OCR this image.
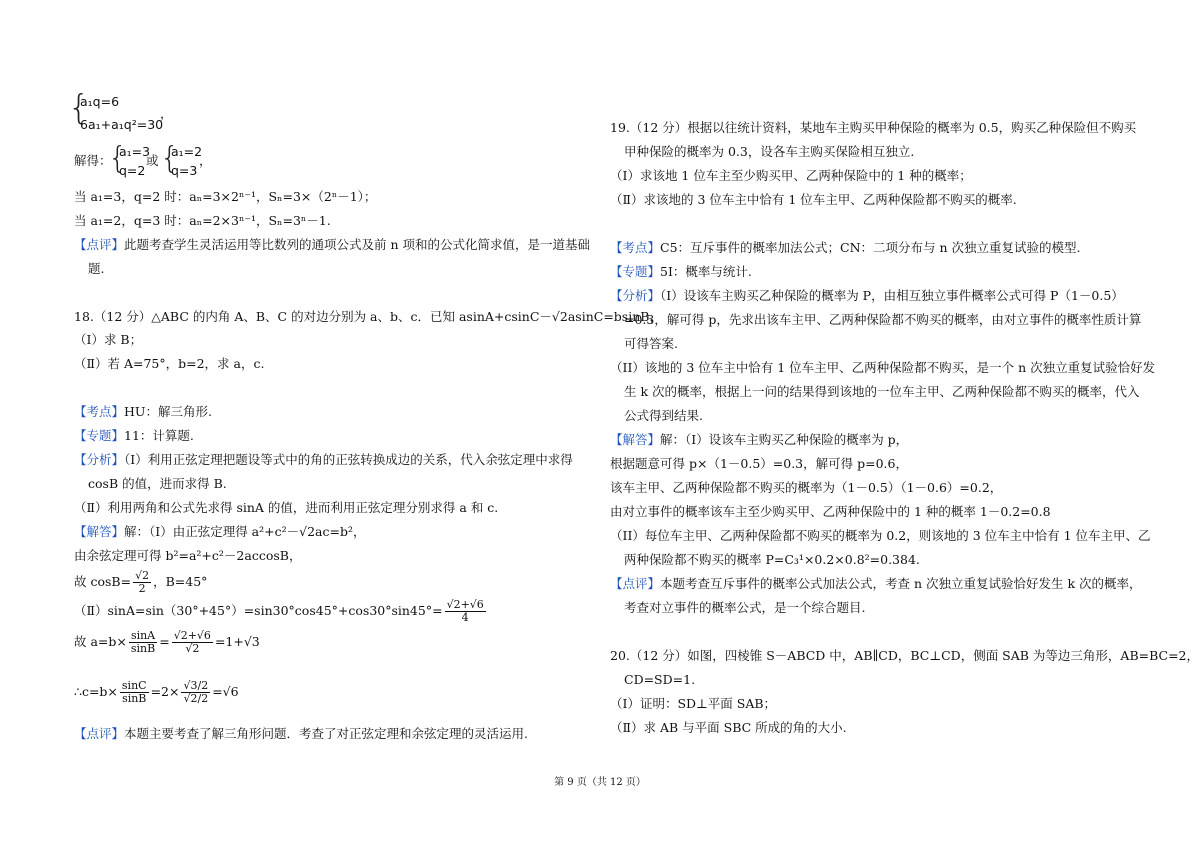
{
a₁q=6
6a₁+a₁q²=30
，
解得：
{
a₁=3
q=2
或 {
a₁=2
q=3
，
当 a₁=3，q=2 时：aₙ=3×2ⁿ⁻¹，Sₙ=3×（2ⁿ－1）；
当 a₁=2，q=3 时：aₙ=2×3ⁿ⁻¹，Sₙ=3ⁿ－1.
【点评】此题考查学生灵活运用等比数列的通项公式及前 n 项和的公式化简求值，是一道基础
题.
18.（12 分）△ABC 的内角 A、B、C 的对边分别为 a、b、c．已知 asinA+csinC－√2asinC=bsinB，
（Ⅰ）求 B；
（Ⅱ）若 A=75°，b=2，求 a，c.
【考点】HU：解三角形.
【专题】11：计算题.
【分析】（Ⅰ）利用正弦定理把题设等式中的角的正弦转换成边的关系，代入余弦定理中求得
cosB 的值，进而求得 B.
（Ⅱ）利用两角和公式先求得 sinA 的值，进而利用正弦定理分别求得 a 和 c.
【解答】解：（Ⅰ）由正弦定理得 a²+c²－√2ac=b²，
由余弦定理可得 b²=a²+c²－2accosB，
故 $\cos B= \frac{√2}{2}$ ，B=45°
（Ⅱ）sinA=sin（30°+45°）=sin30°cos45°+cos30°sin45°= $\frac{√2+√6}{4}$
故 $a=b\times \frac{\sin A}{\sin B} = \frac{√2+√6}{√2} =1+√3$
∴c=b× $\frac{\sin C}{\sin B} =2\times \frac{√3/2}{√2/2} =√6$
【点评】本题主要考查了解三角形问题．考查了对正弦定理和余弦定理的灵活运用.
19.（12 分）根据以往统计资料，某地车主购买甲种保险的概率为 0.5，购买乙种保险但不购买
甲种保险的概率为 0.3，设各车主购买保险相互独立.
（Ⅰ）求该地 1 位车主至少购买甲、乙两种保险中的 1 种的概率；
（Ⅱ）求该地的 3 位车主中恰有 1 位车主甲、乙两种保险都不购买的概率.
【考点】C5：互斥事件的概率加法公式；CN：二项分布与 n 次独立重复试验的模型.
【专题】5I：概率与统计.
【分析】（I）设该车主购买乙种保险的概率为 P，由相互独立事件概率公式可得 P（1－0.5）
=0.3，解可得 p，先求出该车主甲、乙两种保险都不购买的概率，由对立事件的概率性质计算
可得答案.
（II）该地的 3 位车主中恰有 1 位车主甲、乙两种保险都不购买，是一个 n 次独立重复试验恰好发
生 k 次的概率，根据上一问的结果得到该地的一位车主甲、乙两种保险都不购买的概率，代入
公式得到结果.
【解答】解：（I）设该车主购买乙种保险的概率为 p，
根据题意可得 p×（1－0.5）=0.3，解可得 p=0.6，
该车主甲、乙两种保险都不购买的概率为（1－0.5）（1－0.6）=0.2，
由对立事件的概率该车主至少购买甲、乙两种保险中的 1 种的概率 1－0.2=0.8
（II）每位车主甲、乙两种保险都不购买的概率为 0.2，则该地的 3 位车主中恰有 1 位车主甲、乙
两种保险都不购买的概率 P=C₃¹×0.2×0.8²=0.384.
【点评】本题考查互斥事件的概率公式加法公式，考查 n 次独立重复试验恰好发生 k 次的概率，
考查对立事件的概率公式，是一个综合题目.
20.（12 分）如图，四棱锥 S－ABCD 中，AB∥CD，BC⊥CD，侧面 SAB 为等边三角形，AB=BC=2，
CD=SD=1.
（Ⅰ）证明：SD⊥平面 SAB；
（Ⅱ）求 AB 与平面 SBC 所成的角的大小.
第 9 页（共 12 页）
